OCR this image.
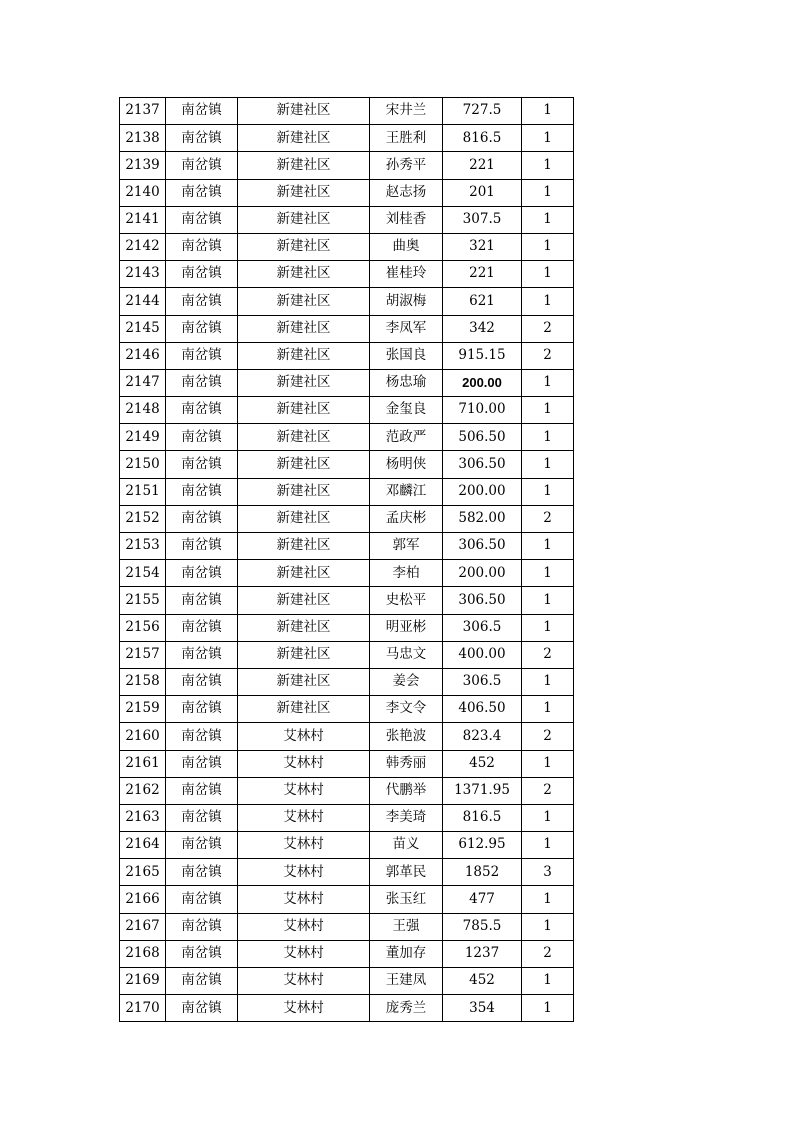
2137	南岔镇	新建社区	宋井兰	727.5	1
2138	南岔镇	新建社区	王胜利	816.5	1
2139	南岔镇	新建社区	孙秀平	221	1
2140	南岔镇	新建社区	赵志扬	201	1
2141	南岔镇	新建社区	刘桂香	307.5	1
2142	南岔镇	新建社区	曲奥	321	1
2143	南岔镇	新建社区	崔桂玲	221	1
2144	南岔镇	新建社区	胡淑梅	621	1
2145	南岔镇	新建社区	李凤军	342	2
2146	南岔镇	新建社区	张国良	915.15	2
2147	南岔镇	新建社区	杨忠瑜	200.00	1
2148	南岔镇	新建社区	金玺良	710.00	1
2149	南岔镇	新建社区	范政严	506.50	1
2150	南岔镇	新建社区	杨明侠	306.50	1
2151	南岔镇	新建社区	邓麟江	200.00	1
2152	南岔镇	新建社区	孟庆彬	582.00	2
2153	南岔镇	新建社区	郭军	306.50	1
2154	南岔镇	新建社区	李柏	200.00	1
2155	南岔镇	新建社区	史松平	306.50	1
2156	南岔镇	新建社区	明亚彬	306.5	1
2157	南岔镇	新建社区	马忠文	400.00	2
2158	南岔镇	新建社区	姜会	306.5	1
2159	南岔镇	新建社区	李文令	406.50	1
2160	南岔镇	艾林村	张艳波	823.4	2
2161	南岔镇	艾林村	韩秀丽	452	1
2162	南岔镇	艾林村	代鹏举	1371.95	2
2163	南岔镇	艾林村	李美琦	816.5	1
2164	南岔镇	艾林村	苗义	612.95	1
2165	南岔镇	艾林村	郭革民	1852	3
2166	南岔镇	艾林村	张玉红	477	1
2167	南岔镇	艾林村	王强	785.5	1
2168	南岔镇	艾林村	董加存	1237	2
2169	南岔镇	艾林村	王建凤	452	1
2170	南岔镇	艾林村	庞秀兰	354	1
